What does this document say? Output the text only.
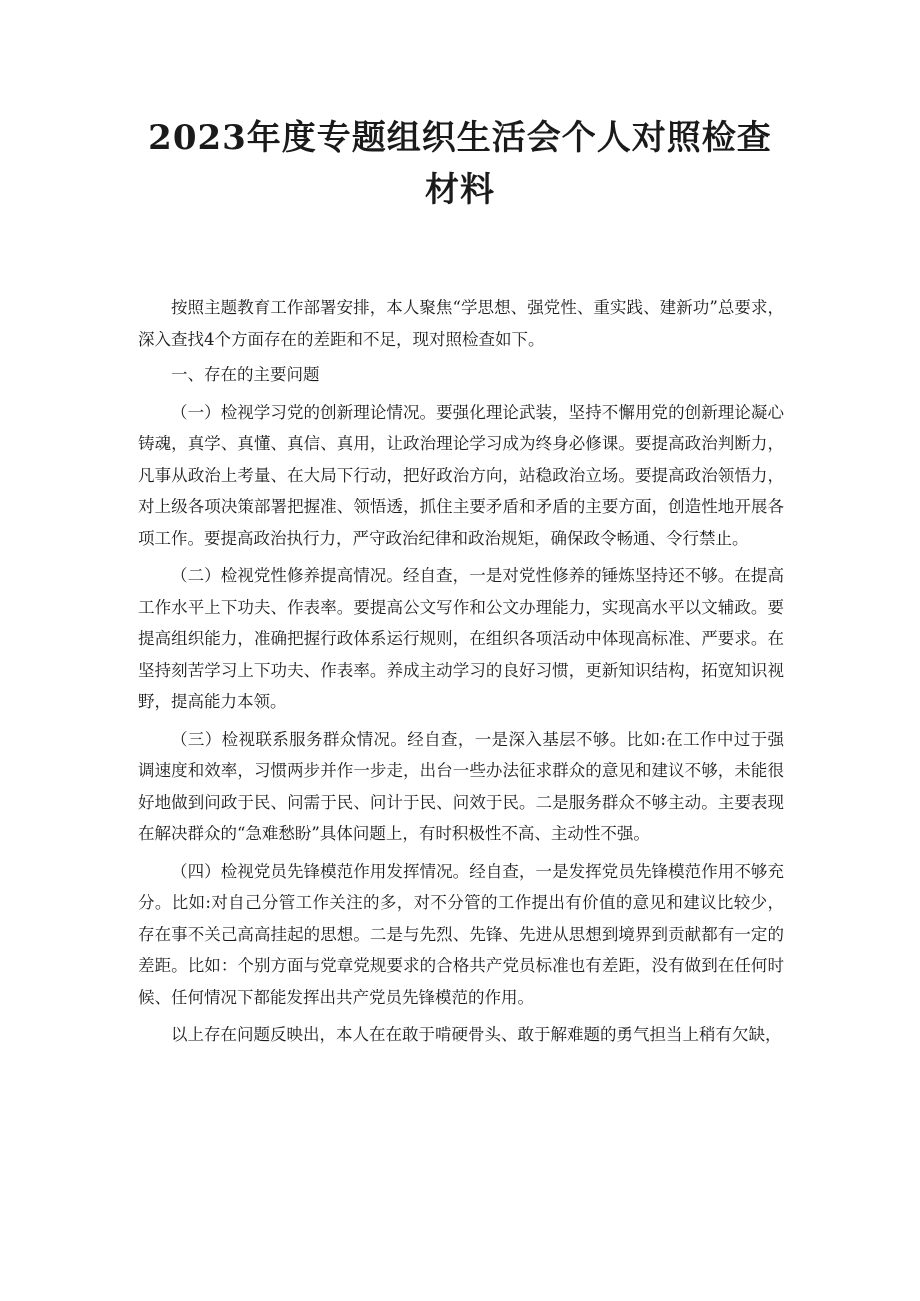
2023年度专题组织生活会个人对照检查材料

按照主题教育工作部署安排，本人聚焦“学思想、强党性、重实践、建新功”总要求，深入查找4个方面存在的差距和不足，现对照检查如下。

一、存在的主要问题

（一）检视学习党的创新理论情况。要强化理论武装，坚持不懈用党的创新理论凝心铸魂，真学、真懂、真信、真用，让政治理论学习成为终身必修课。要提高政治判断力，凡事从政治上考量、在大局下行动，把好政治方向，站稳政治立场。要提高政治领悟力，对上级各项决策部署把握准、领悟透，抓住主要矛盾和矛盾的主要方面，创造性地开展各项工作。要提高政治执行力，严守政治纪律和政治规矩，确保政令畅通、令行禁止。

（二）检视党性修养提高情况。经自查，一是对党性修养的锤炼坚持还不够。在提高工作水平上下功夫、作表率。要提高公文写作和公文办理能力，实现高水平以文辅政。要提高组织能力，准确把握行政体系运行规则，在组织各项活动中体现高标准、严要求。在坚持刻苦学习上下功夫、作表率。养成主动学习的良好习惯，更新知识结构，拓宽知识视野，提高能力本领。

（三）检视联系服务群众情况。经自查，一是深入基层不够。比如:在工作中过于强调速度和效率，习惯两步并作一步走，出台一些办法征求群众的意见和建议不够，未能很好地做到问政于民、问需于民、问计于民、问效于民。二是服务群众不够主动。主要表现在解决群众的“急难愁盼”具体问题上，有时积极性不高、主动性不强。

（四）检视党员先锋模范作用发挥情况。经自查，一是发挥党员先锋模范作用不够充分。比如:对自己分管工作关注的多，对不分管的工作提出有价值的意见和建议比较少，存在事不关己高高挂起的思想。二是与先烈、先锋、先进从思想到境界到贡献都有一定的差距。比如：个别方面与党章党规要求的合格共产党员标准也有差距，没有做到在任何时候、任何情况下都能发挥出共产党员先锋模范的作用。

以上存在问题反映出，本人在在敢于啃硬骨头、敢于解难题的勇气担当上稍有欠缺，
